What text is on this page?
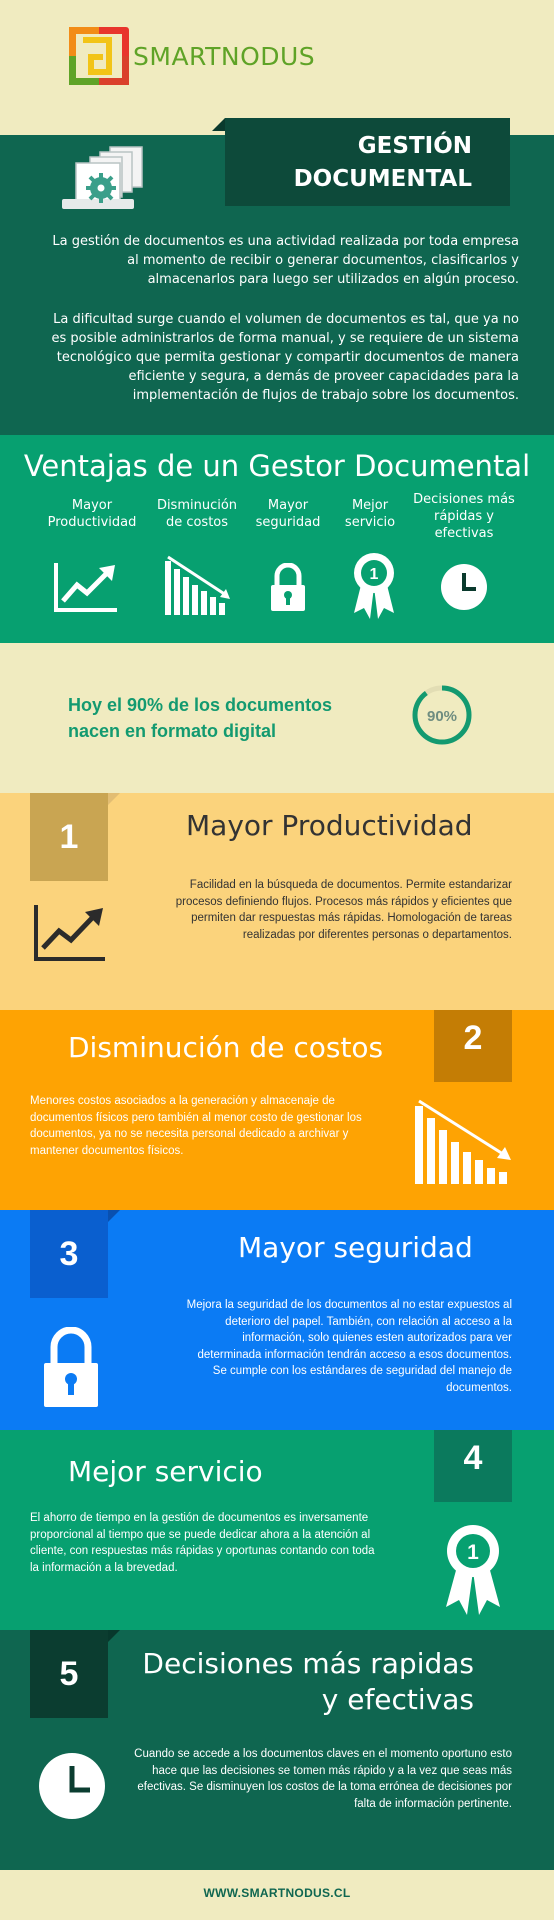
SMARTNODUS
GESTIÓN
DOCUMENTAL
La gestión de documentos es una actividad realizada por toda empresa
al momento de recibir o generar documentos, clasificarlos y
almacenarlos para luego ser utilizados en algún proceso.
La dificultad surge cuando el volumen de documentos es tal, que ya no
es posible administrarlos de forma manual, y se requiere de un sistema
tecnológico que permita gestionar y compartir documentos de manera
eficiente y segura, a demás de proveer capacidades para la
implementación de flujos de trabajo sobre los documentos.
Ventajas de un Gestor Documental
Mayor
Productividad
Disminución
de costos
Mayor
seguridad
Mejor
servicio
Decisiones más
rápidas y
efectivas
1
Hoy el 90% de los documentos
nacen en formato digital
90%
1	Mayor Productividad
Facilidad en la búsqueda de documentos. Permite estandarizar
procesos definiendo flujos. Procesos más rápidos y eficientes que
permiten dar respuestas más rápidas. Homologación de tareas
realizadas por diferentes personas o departamentos.
2
Disminución de costos
Menores costos asociados a la generación y almacenaje de
documentos físicos pero también al menor costo de gestionar los
documentos, ya no se necesita personal dedicado a archivar y
mantener documentos físicos.
3	Mayor seguridad
Mejora la seguridad de los documentos al no estar expuestos al
deterioro del papel. También, con relación al acceso a la
información, solo quienes esten autorizados para ver
determinada información tendrán acceso a esos documentos.
Se cumple con los estándares de seguridad del manejo de
documentos.
4
Mejor servicio
El ahorro de tiempo en la gestión de documentos es inversamente
proporcional al tiempo que se puede dedicar ahora a la atención al
cliente, con respuestas más rápidas y oportunas contando con toda
la información a la brevedad.
1
5	Decisiones más rapidas
y efectivas
Cuando se accede a los documentos claves en el momento oportuno esto
hace que las decisiones se tomen más rápido y a la vez que seas más
efectivas. Se disminuyen los costos de la toma errónea de decisiones por
falta de información pertinente.
WWW.SMARTNODUS.CL
